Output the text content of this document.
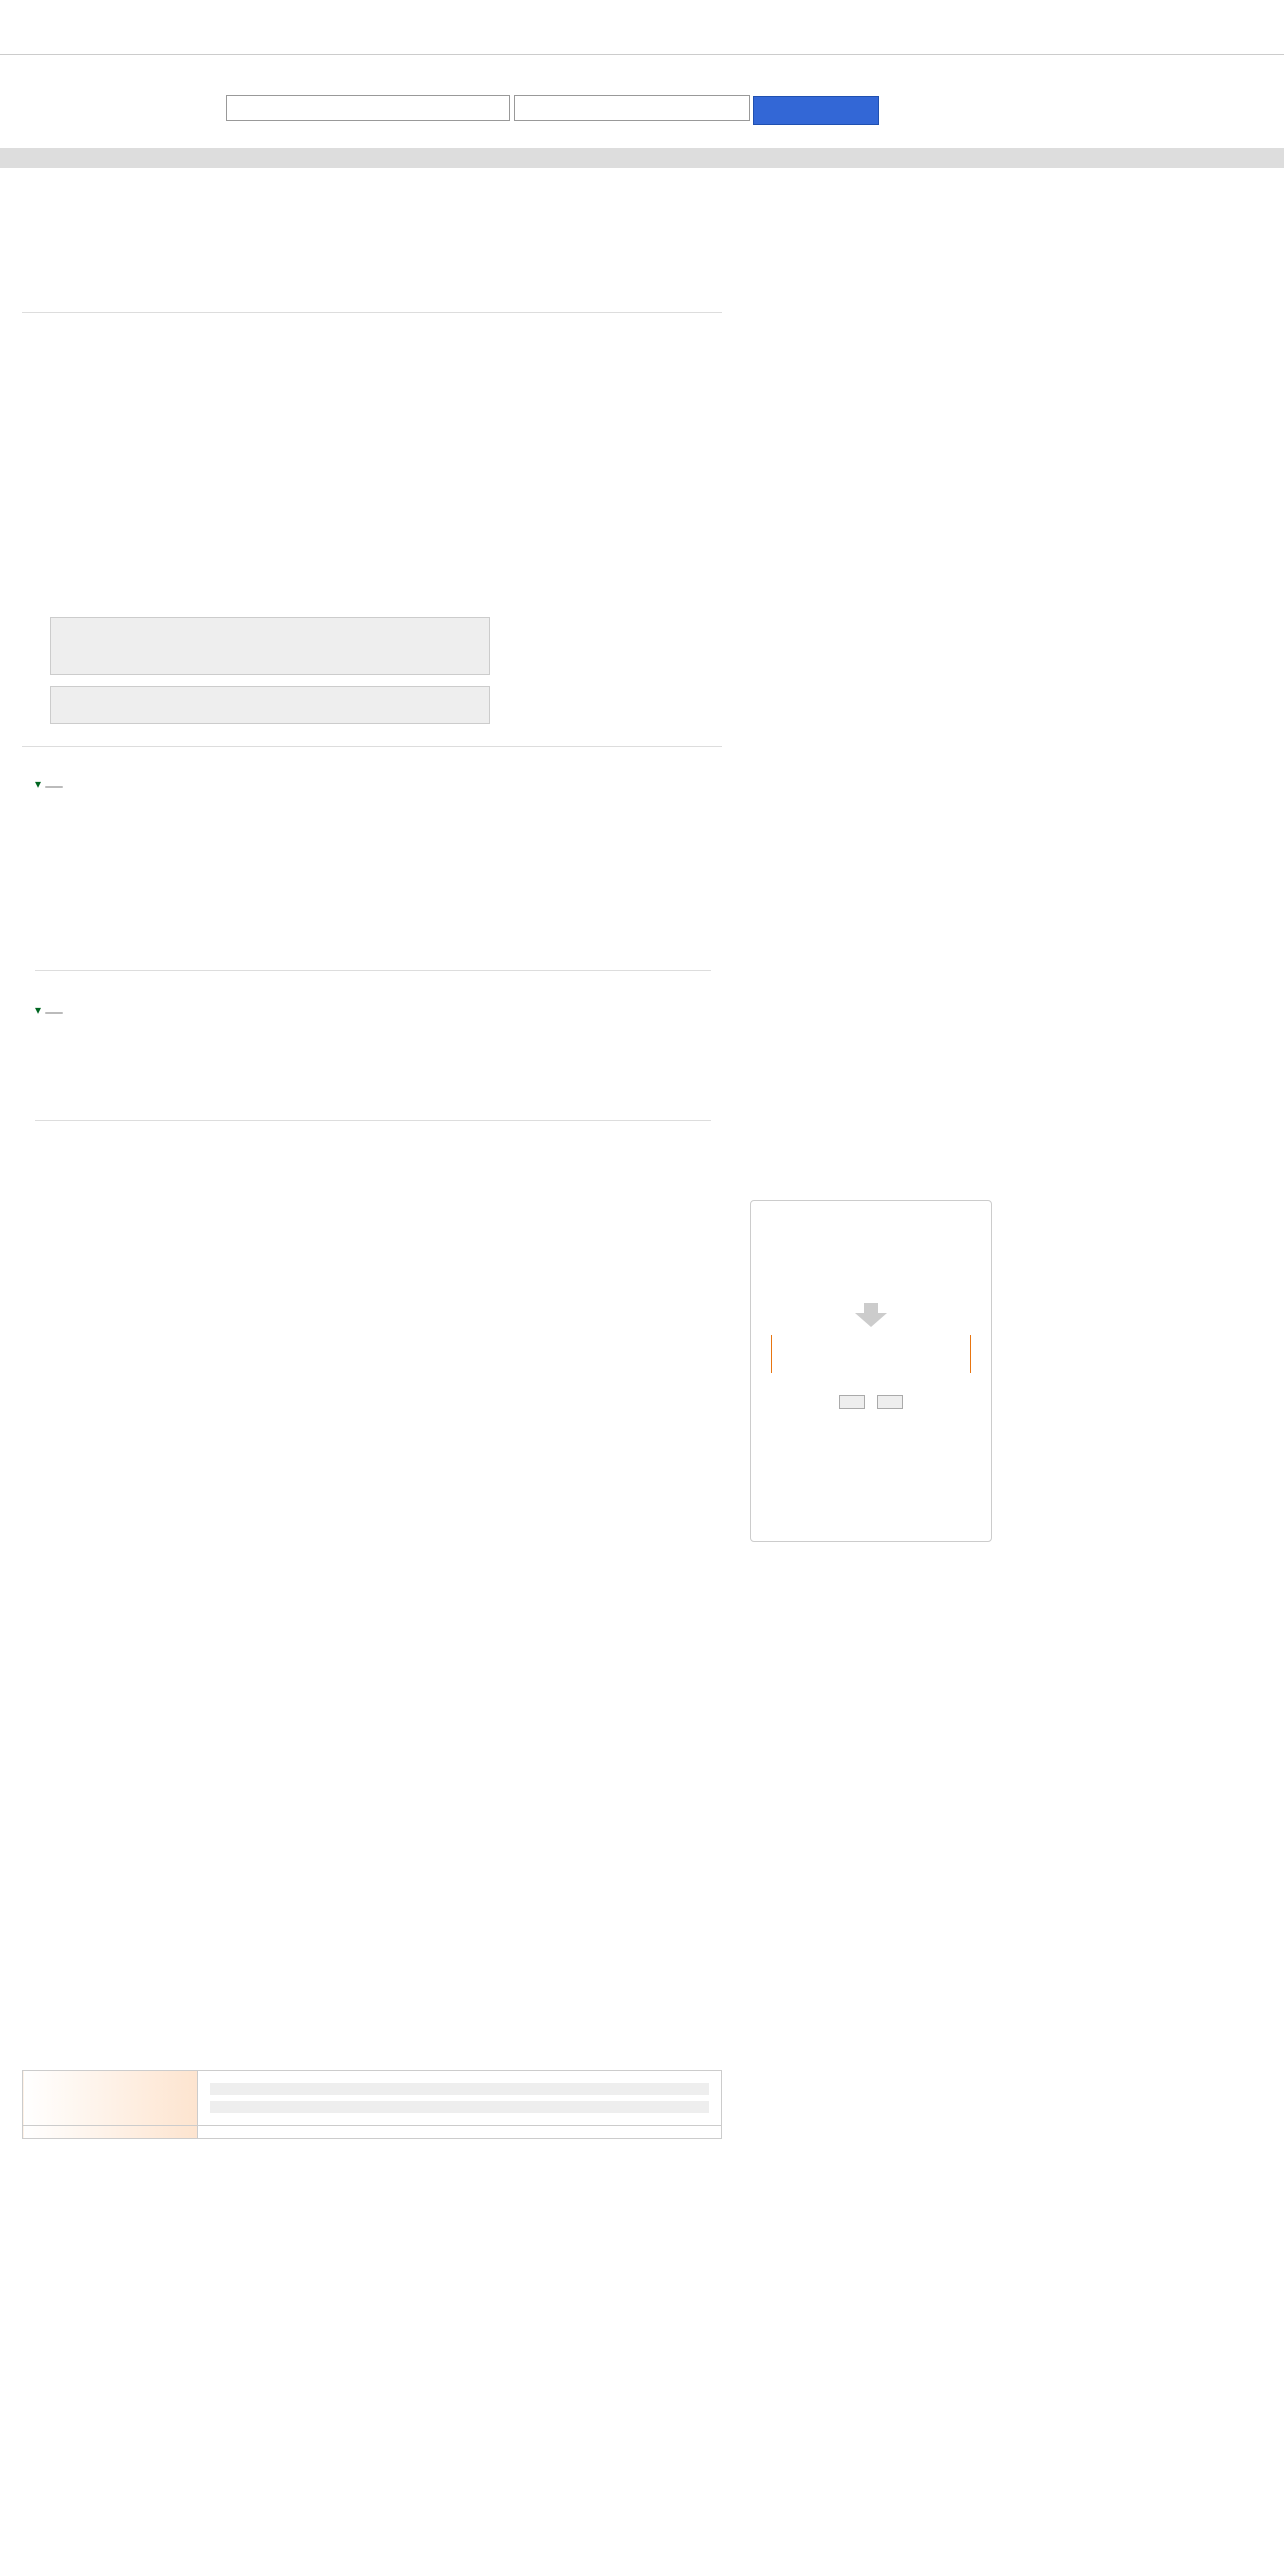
▾
▾
